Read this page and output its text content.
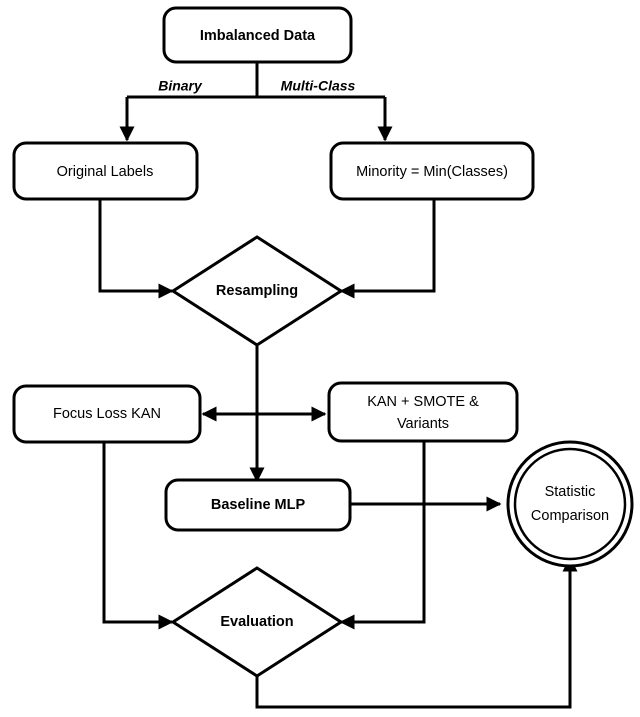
Imbalanced Data
Binary	Multi-Class
Original Labels	Minority = Min(Classes)
Resampling
Focus Loss KAN
KAN + SMOTE &
Variants
Baseline MLP
Statistic
Comparison
Evaluation
